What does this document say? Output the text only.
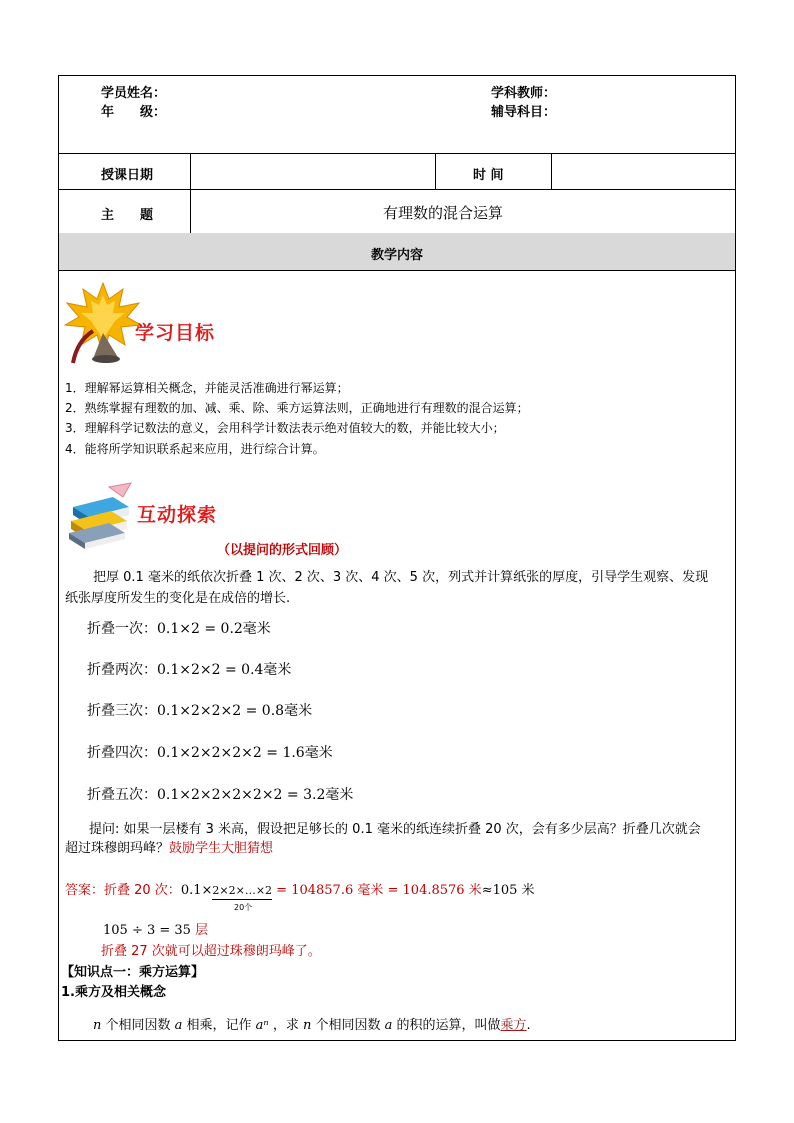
学员姓名：
年　　级：
学科教师：
辅导科目：
授课日期	时 间
主　　题	有理数的混合运算
教学内容
学习目标
1．理解幂运算相关概念，并能灵活准确进行幂运算；
2．熟练掌握有理数的加、减、乘、除、乘方运算法则，正确地进行有理数的混合运算；
3．理解科学记数法的意义，会用科学计数法表示绝对值较大的数，并能比较大小；
4．能将所学知识联系起来应用，进行综合计算。
互动探索
（以提问的形式回顾）
把厚 0.1 毫米的纸依次折叠 1 次、2 次、3 次、4 次、5 次，列式并计算纸张的厚度，引导学生观察、发现
纸张厚度所发生的变化是在成倍的增长.
折叠一次：0.1×2 = 0.2毫米
折叠两次：0.1×2×2 = 0.4毫米
折叠三次：0.1×2×2×2 = 0.8毫米
折叠四次：0.1×2×2×2×2 = 1.6毫米
折叠五次：0.1×2×2×2×2×2 = 3.2毫米
提问: 如果一层楼有 3 米高，假设把足够长的 0.1 毫米的纸连续折叠 20 次，会有多少层高？折叠几次就会
超过珠穆朗玛峰？鼓励学生大胆猜想
答案：折叠 20 次：0.1×2×2×…×2 = 104857.6 毫米 = 104.8576 米≈105 米
20个
105 ÷ 3 = 35 层
折叠 27 次就可以超过珠穆朗玛峰了。
【知识点一：乘方运算】
1.乘方及相关概念
n 个相同因数 a 相乘，记作 aⁿ ，求 n 个相同因数 a 的积的运算，叫做乘方.
